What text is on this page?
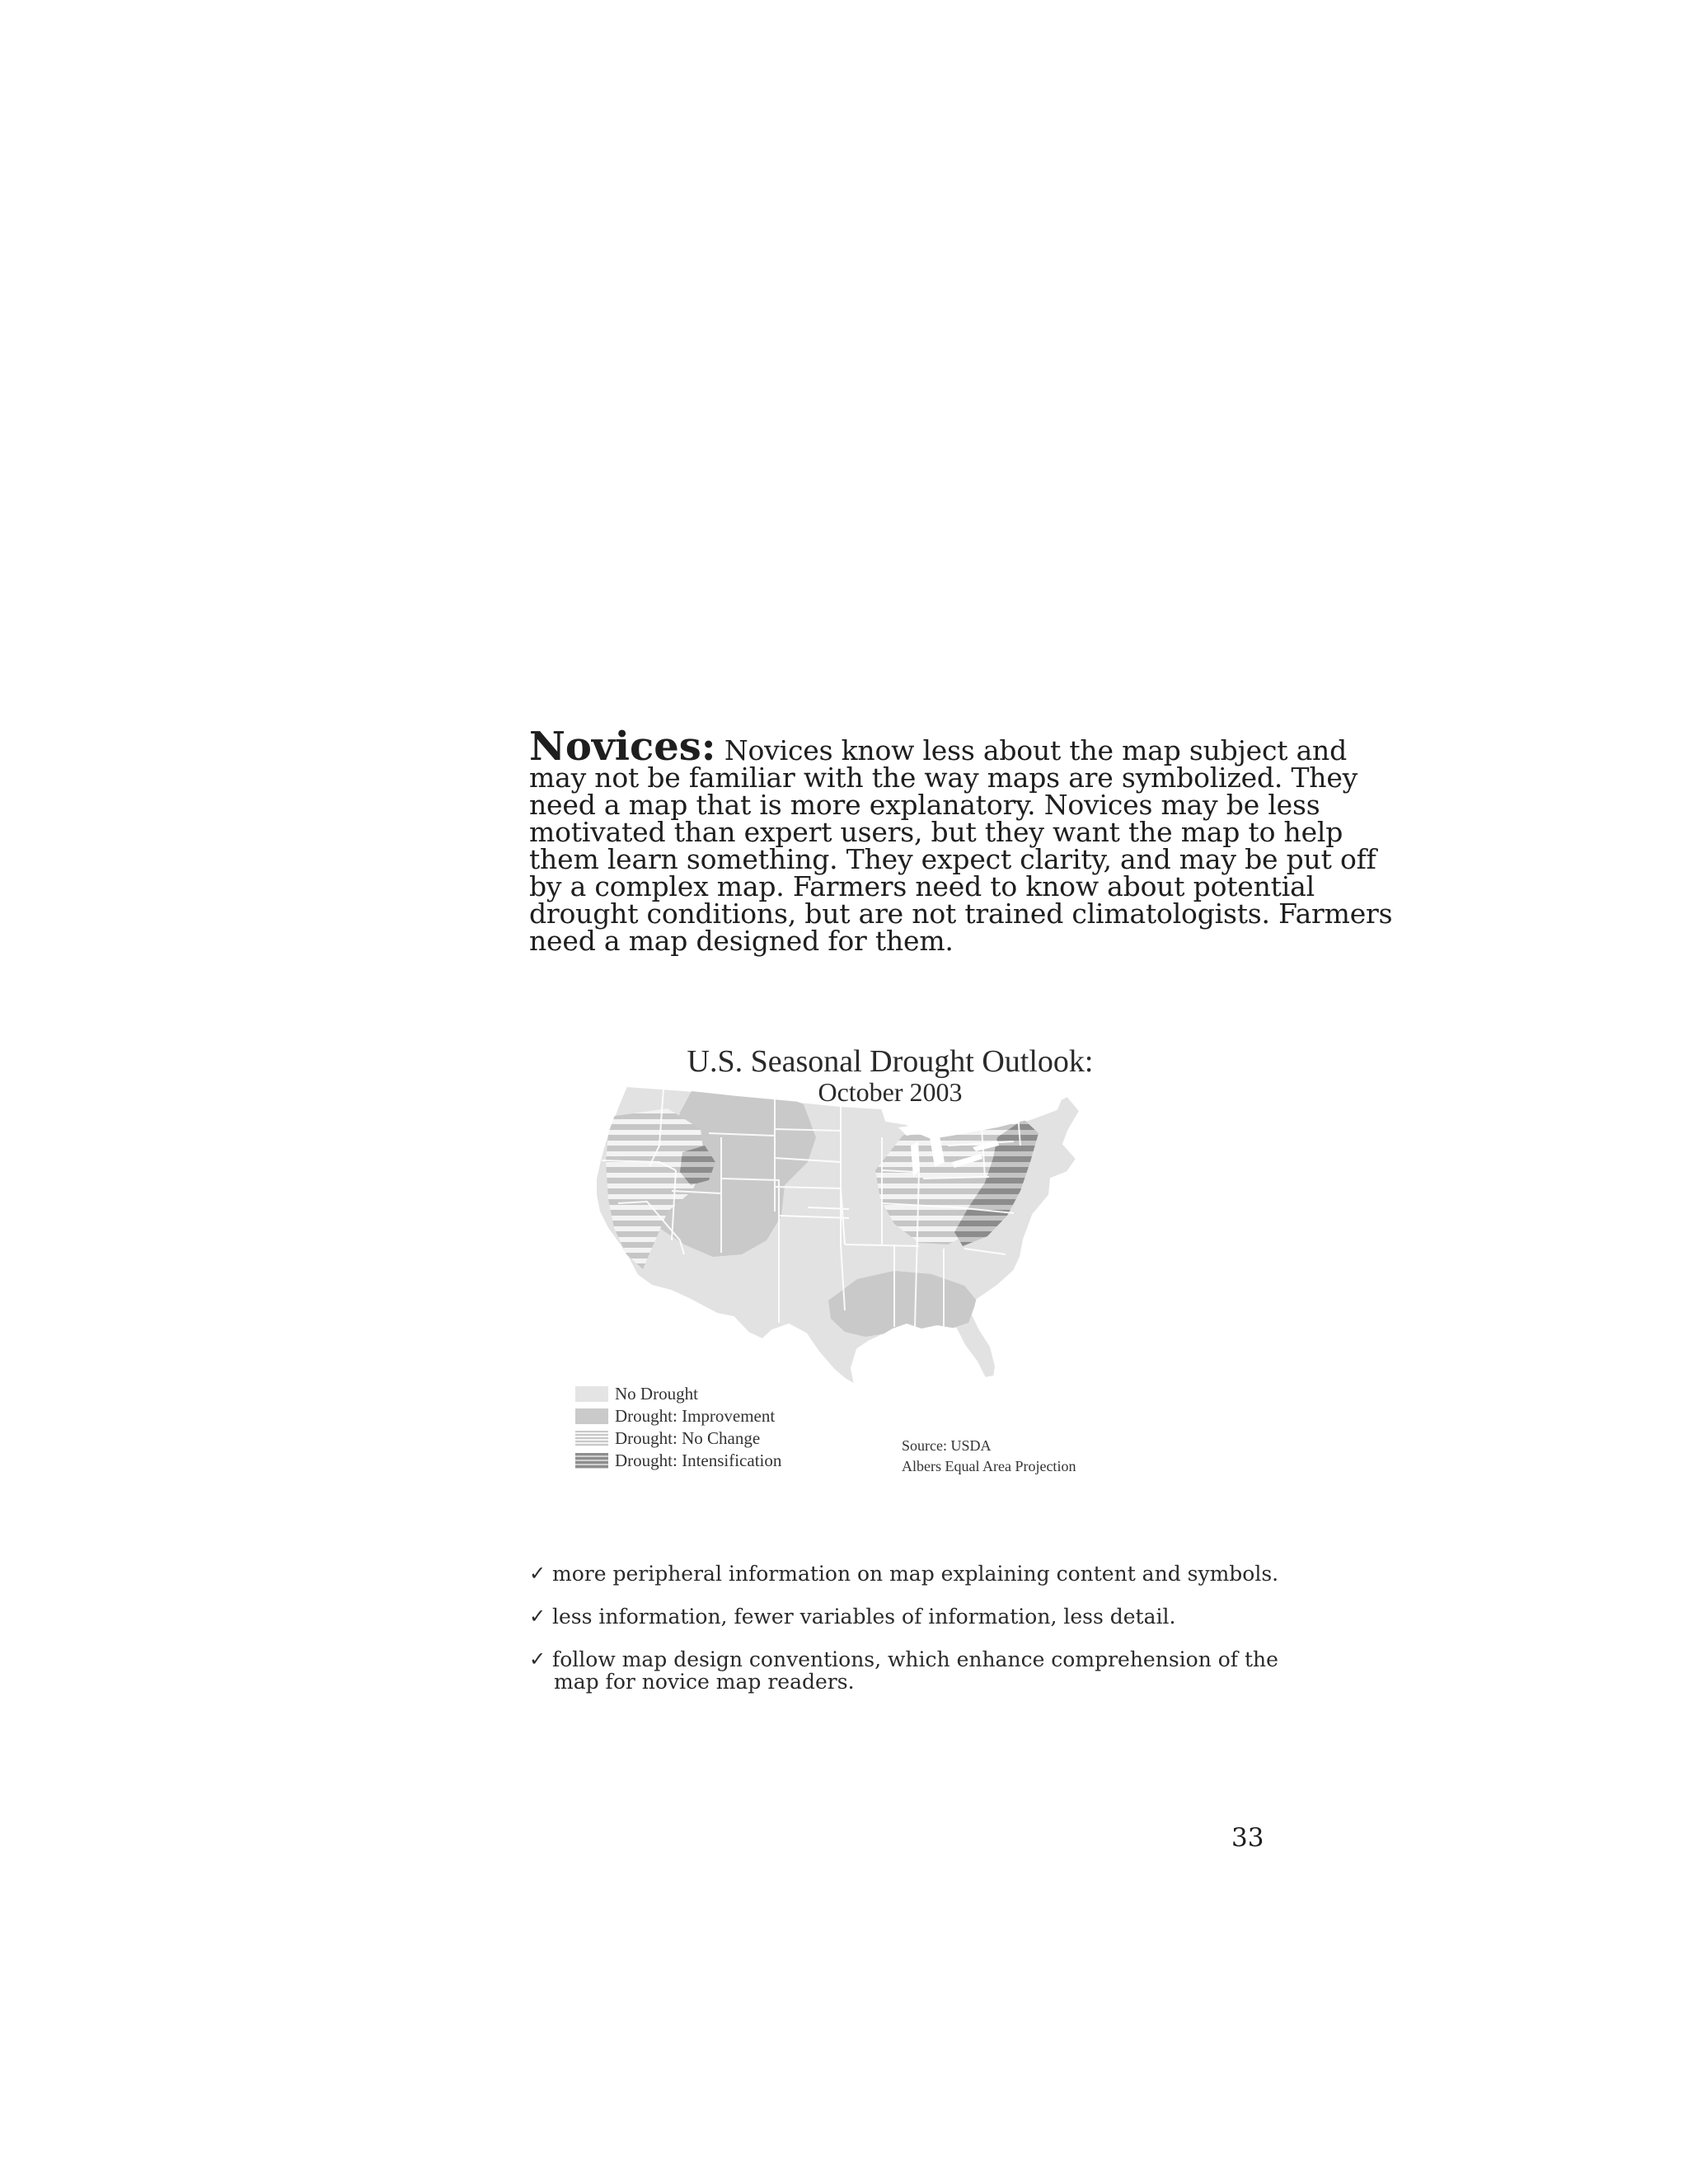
Novices: Novices know less about the map subject and
may not be familiar with the way maps are symbolized. They
need a map that is more explanatory. Novices may be less
motivated than expert users, but they want the map to help
them learn something. They expect clarity, and may be put off
by a complex map. Farmers need to know about potential
drought conditions, but are not trained climatologists. Farmers
need a map designed for them.
U.S. Seasonal Drought Outlook:
October 2003
No Drought
Drought: Improvement
Drought: No Change
Drought: Intensification
Source: USDA
Albers Equal Area Projection
✓ more peripheral information on map explaining content and symbols.
✓ less information, fewer variables of information, less detail.
✓ follow map design conventions, which enhance comprehension of the
map for novice map readers.
33
